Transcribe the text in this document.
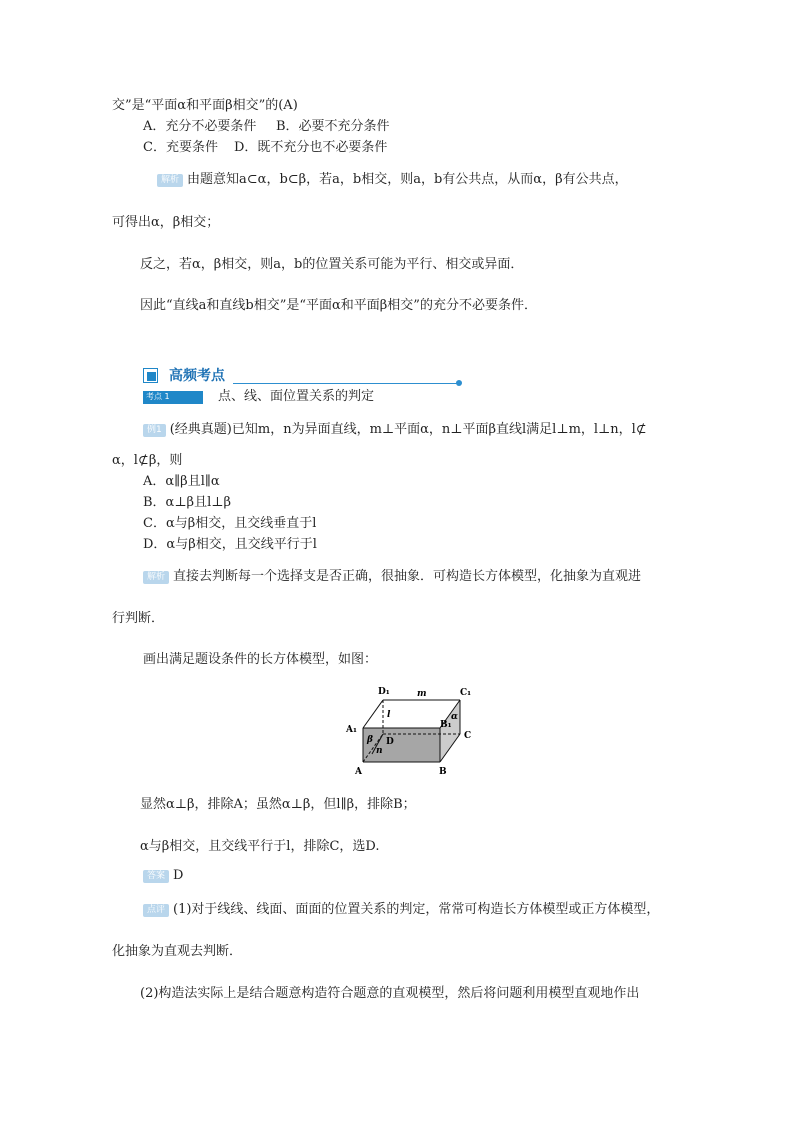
交”是“平面α和平面β相交”的(A)
A．充分不必要条件 B．必要不充分条件
C．充要条件 D．既不充分也不必要条件
解析 由题意知a⊂α，b⊂β，若a，b相交，则a，b有公共点，从而α，β有公共点，
可得出α，β相交；
反之，若α，β相交，则a，b的位置关系可能为平行、相交或异面．
因此“直线a和直线b相交”是“平面α和平面β相交”的充分不必要条件．
高频考点
考点 1	点、线、面位置关系的判定
例1 (经典真题)已知m，n为异面直线，m⊥平面α，n⊥平面β直线l满足l⊥m，l⊥n，l⊄
α，l⊄β，则
A．α∥β且l∥α
B．α⊥β且l⊥β
C．α与β相交，且交线垂直于l
D．α与β相交，且交线平行于l
解析 直接去判断每一个选择支是否正确，很抽象．可构造长方体模型，化抽象为直观进
行判断．
画出满足题设条件的长方体模型，如图：
D₁	m	C₁
A₁
l	α
B₁
β D
C
n
A	B
显然α⊥β，排除A；虽然α⊥β，但l∥β，排除B；
α与β相交，且交线平行于l，排除C，选D.
答案 D
点评 (1)对于线线、线面、面面的位置关系的判定，常常可构造长方体模型或正方体模型，
化抽象为直观去判断．
(2)构造法实际上是结合题意构造符合题意的直观模型，然后将问题利用模型直观地作出
